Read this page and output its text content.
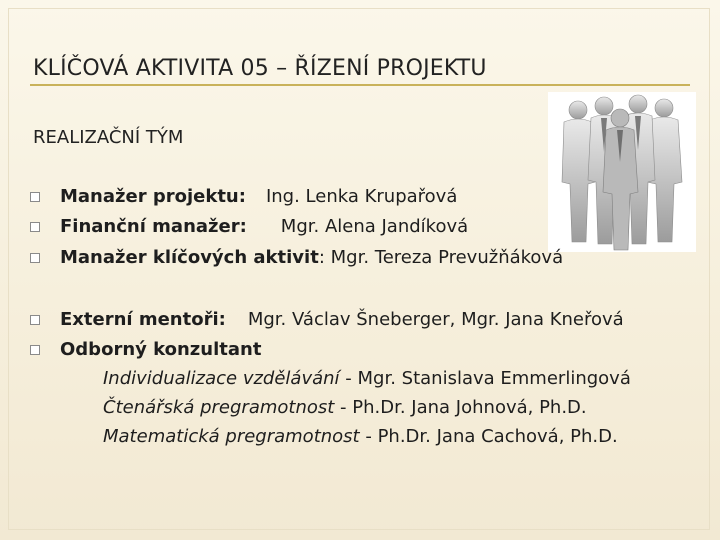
KLÍČOVÁ AKTIVITA 05 – ŘÍZENÍ PROJEKTU
REALIZAČNÍ TÝM
Manažer projektu: Ing. Lenka Krupařová
Finanční manažer: Mgr. Alena Jandíková
Manažer klíčových aktivit: Mgr. Tereza Prevužňáková
Externí mentoři: Mgr. Václav Šneberger, Mgr. Jana Kneřová
Odborný konzultant
Individualizace vzdělávání - Mgr. Stanislava Emmerlingová
Čtenářská pregramotnost - Ph.Dr. Jana Johnová, Ph.D.
Matematická pregramotnost - Ph.Dr. Jana Cachová, Ph.D.
